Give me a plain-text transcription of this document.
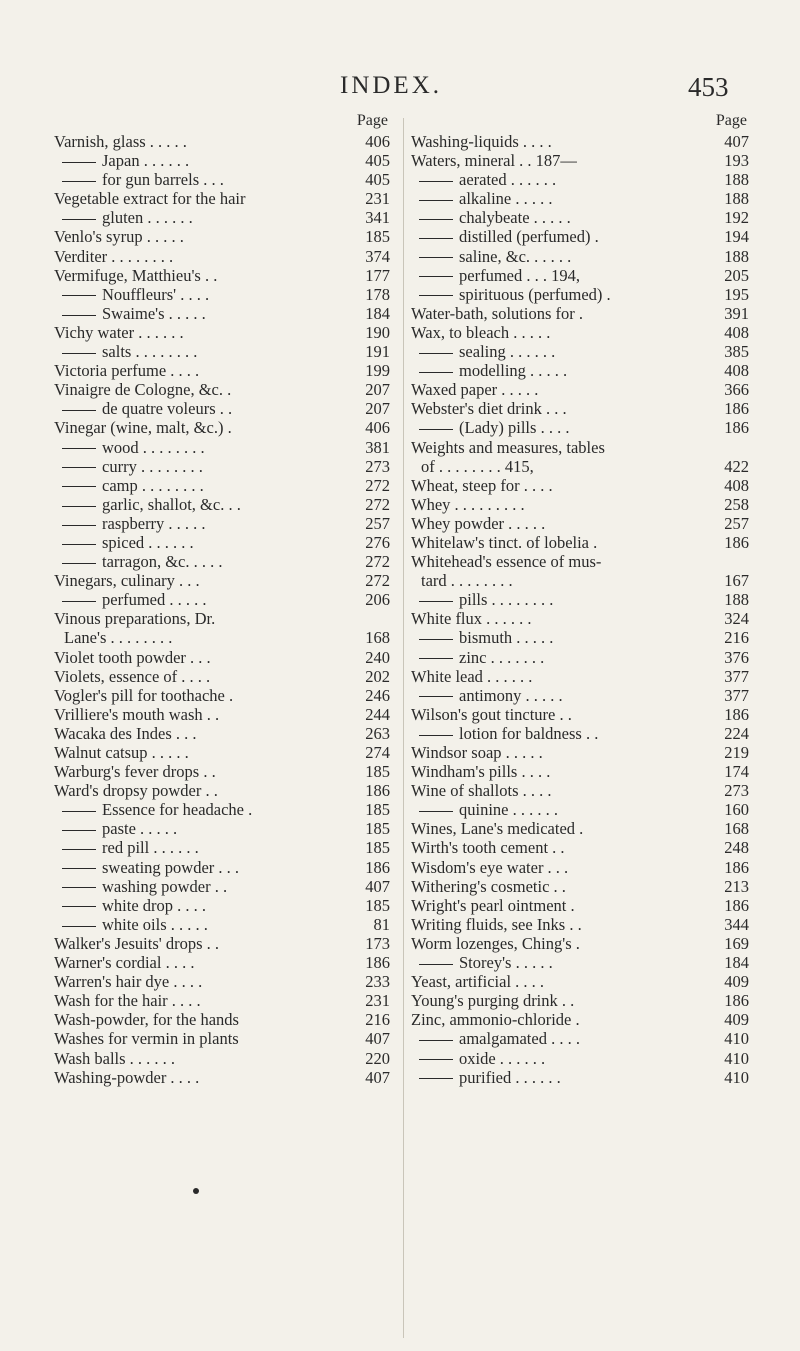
INDEX.	453
Page
Varnish, glass . . . . .	406
Japan . . . . . .	405
for gun barrels . . .	405
Vegetable extract for the hair	231
gluten . . . . . .	341
Venlo's syrup . . . . .	185
Verditer . . . . . . . .	374
Vermifuge, Matthieu's . .	177
Nouffleurs' . . . .	178
Swaime's . . . . .	184
Vichy water . . . . . .	190
salts . . . . . . . .	191
Victoria perfume . . . .	199
Vinaigre de Cologne, &c. .	207
de quatre voleurs . .	207
Vinegar (wine, malt, &c.) .	406
wood . . . . . . . .	381
curry . . . . . . . .	273
camp . . . . . . . .	272
garlic, shallot, &c. . .	272
raspberry . . . . .	257
spiced . . . . . .	276
tarragon, &c. . . . .	272
Vinegars, culinary . . .	272
perfumed . . . . .	206
Vinous preparations, Dr.
Lane's . . . . . . . .	168
Violet tooth powder . . .	240
Violets, essence of . . . .	202
Vogler's pill for toothache .	246
Vrilliere's mouth wash . .	244
Wacaka des Indes . . .	263
Walnut catsup . . . . .	274
Warburg's fever drops . .	185
Ward's dropsy powder . .	186
Essence for headache .	185
paste . . . . .	185
red pill . . . . . .	185
sweating powder . . .	186
washing powder . .	407
white drop . . . .	185
white oils . . . . .	81
Walker's Jesuits' drops . .	173
Warner's cordial . . . .	186
Warren's hair dye . . . .	233
Wash for the hair . . . .	231
Wash-powder, for the hands	216
Washes for vermin in plants	407
Wash balls . . . . . .	220
Washing-powder . . . .	407
Page
Washing-liquids . . . .	407
Waters, mineral . . 187—	193
aerated . . . . . .	188
alkaline . . . . .	188
chalybeate . . . . .	192
distilled (perfumed) .	194
saline, &c. . . . . .	188
perfumed . . . 194,	205
spirituous (perfumed) .	195
Water-bath, solutions for .	391
Wax, to bleach . . . . .	408
sealing . . . . . .	385
modelling . . . . .	408
Waxed paper . . . . .	366
Webster's diet drink . . .	186
(Lady) pills . . . .	186
Weights and measures, tables
of . . . . . . . . 415,	422
Wheat, steep for . . . .	408
Whey . . . . . . . . .	258
Whey powder . . . . .	257
Whitelaw's tinct. of lobelia .	186
Whitehead's essence of mus-
tard . . . . . . . .	167
pills . . . . . . . .	188
White flux . . . . . .	324
bismuth . . . . .	216
zinc . . . . . . .	376
White lead . . . . . .	377
antimony . . . . .	377
Wilson's gout tincture . .	186
lotion for baldness . .	224
Windsor soap . . . . .	219
Windham's pills . . . .	174
Wine of shallots . . . .	273
quinine . . . . . .	160
Wines, Lane's medicated .	168
Wirth's tooth cement . .	248
Wisdom's eye water . . .	186
Withering's cosmetic . .	213
Wright's pearl ointment .	186
Writing fluids, see Inks . .	344
Worm lozenges, Ching's .	169
Storey's . . . . .	184
Yeast, artificial . . . .	409
Young's purging drink . .	186
Zinc, ammonio-chloride .	409
amalgamated . . . .	410
oxide . . . . . .	410
purified . . . . . .	410
